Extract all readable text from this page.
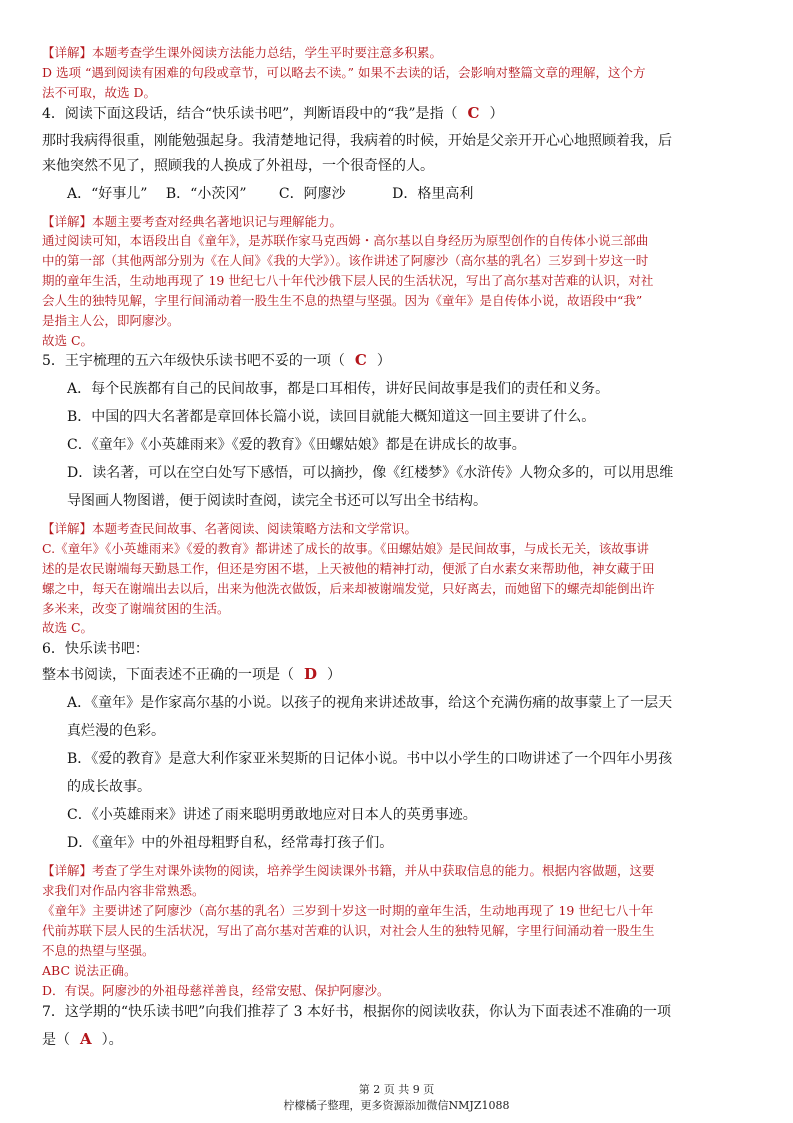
【详解】本题考查学生课外阅读方法能力总结，学生平时要注意多积累。
D 选项 “遇到阅读有困难的句段或章节，可以略去不读。” 如果不去读的话，会影响对整篇文章的理解，这个方
法不可取，故选 D。
4．阅读下面这段话，结合“快乐读书吧”，判断语段中的“我”是指（ C ）
那时我病得很重，刚能勉强起身。我清楚地记得，我病着的时候，开始是父亲开开心心地照顾着我，后
来他突然不见了，照顾我的人换成了外祖母，一个很奇怪的人。
A．“好事儿”　 B．“小茨冈”　　 C．阿廖沙　　　 D．格里高利
【详解】本题主要考查对经典名著地识记与理解能力。
通过阅读可知，本语段出自《童年》，是苏联作家马克西姆・高尔基以自身经历为原型创作的自传体小说三部曲
中的第一部（其他两部分别为《在人间》《我的大学》）。该作讲述了阿廖沙（高尔基的乳名）三岁到十岁这一时
期的童年生活，生动地再现了 19 世纪七八十年代沙俄下层人民的生活状况，写出了高尔基对苦难的认识，对社
会人生的独特见解，字里行间涌动着一股生生不息的热望与坚强。因为《童年》是自传体小说，故语段中“我”
是指主人公，即阿廖沙。
故选 C。
5．王宇梳理的五六年级快乐读书吧不妥的一项（ C ）
A．每个民族都有自己的民间故事，都是口耳相传，讲好民间故事是我们的责任和义务。
B．中国的四大名著都是章回体长篇小说，读回目就能大概知道这一回主要讲了什么。
C．《童年》《小英雄雨来》《爱的教育》《田螺姑娘》都是在讲成长的故事。
D．读名著，可以在空白处写下感悟，可以摘抄，像《红楼梦》《水浒传》人物众多的，可以用思维
导图画人物图谱，便于阅读时查阅，读完全书还可以写出全书结构。
【详解】本题考查民间故事、名著阅读、阅读策略方法和文学常识。
C.《童年》《小英雄雨来》《爱的教育》都讲述了成长的故事。《田螺姑娘》是民间故事，与成长无关，该故事讲
述的是农民谢端每天勤恳工作，但还是穷困不堪，上天被他的精神打动，便派了白水素女来帮助他，神女藏于田
螺之中，每天在谢端出去以后，出来为他洗衣做饭，后来却被谢端发觉，只好离去，而她留下的螺壳却能倒出许
多米来，改变了谢端贫困的生活。
故选 C。
6．快乐读书吧：
整本书阅读，下面表述不正确的一项是（ D ）
A．《童年》是作家高尔基的小说。以孩子的视角来讲述故事，给这个充满伤痛的故事蒙上了一层天
真烂漫的色彩。
B．《爱的教育》是意大利作家亚米契斯的日记体小说。书中以小学生的口吻讲述了一个四年小男孩
的成长故事。
C．《小英雄雨来》讲述了雨来聪明勇敢地应对日本人的英勇事迹。
D．《童年》中的外祖母粗野自私，经常毒打孩子们。
【详解】考查了学生对课外读物的阅读，培养学生阅读课外书籍，并从中获取信息的能力。根据内容做题，这要
求我们对作品内容非常熟悉。
《童年》主要讲述了阿廖沙（高尔基的乳名）三岁到十岁这一时期的童年生活，生动地再现了 19 世纪七八十年
代前苏联下层人民的生活状况，写出了高尔基对苦难的认识，对社会人生的独特见解，字里行间涌动着一股生生
不息的热望与坚强。
ABC 说法正确。
D．有误。阿廖沙的外祖母慈祥善良，经常安慰、保护阿廖沙。
7．这学期的“快乐读书吧”向我们推荐了 3 本好书，根据你的阅读收获，你认为下面表述不准确的一项
是（ A ）。
第 2 页 共 9 页
柠檬橘子整理，更多资源添加微信NMJZ1088
